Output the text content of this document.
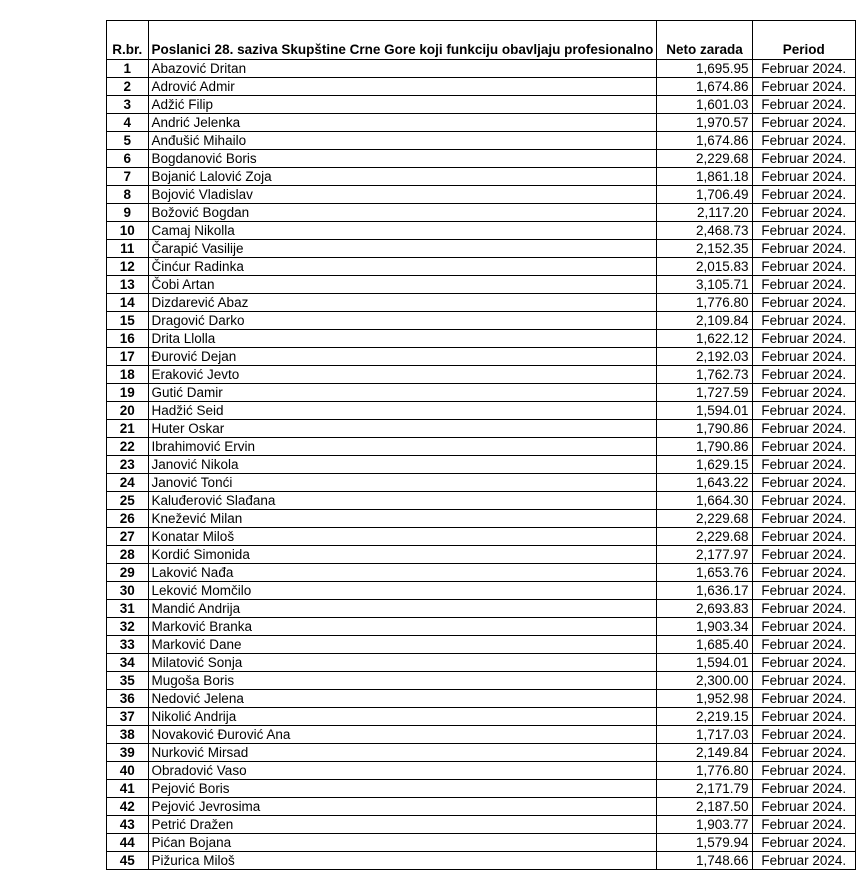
R.br.	Poslanici 28. saziva Skupštine Crne Gore koji funkciju obavljaju profesionalno	Neto zarada	Period
1	Abazović Dritan	1,695.95	Februar 2024.
2	Adrović Admir	1,674.86	Februar 2024.
3	Adžić Filip	1,601.03	Februar 2024.
4	Andrić Jelenka	1,970.57	Februar 2024.
5	Anđušić Mihailo	1,674.86	Februar 2024.
6	Bogdanović Boris	2,229.68	Februar 2024.
7	Bojanić Lalović Zoja	1,861.18	Februar 2024.
8	Bojović Vladislav	1,706.49	Februar 2024.
9	Božović Bogdan	2,117.20	Februar 2024.
10	Camaj Nikolla	2,468.73	Februar 2024.
11	Čarapić Vasilije	2,152.35	Februar 2024.
12	Činćur Radinka	2,015.83	Februar 2024.
13	Čobi Artan	3,105.71	Februar 2024.
14	Dizdarević Abaz	1,776.80	Februar 2024.
15	Dragović Darko	2,109.84	Februar 2024.
16	Drita Llolla	1,622.12	Februar 2024.
17	Đurović Dejan	2,192.03	Februar 2024.
18	Eraković Jevto	1,762.73	Februar 2024.
19	Gutić Damir	1,727.59	Februar 2024.
20	Hadžić Seid	1,594.01	Februar 2024.
21	Huter Oskar	1,790.86	Februar 2024.
22	Ibrahimović Ervin	1,790.86	Februar 2024.
23	Janović Nikola	1,629.15	Februar 2024.
24	Janović Tonći	1,643.22	Februar 2024.
25	Kaluđerović Slađana	1,664.30	Februar 2024.
26	Knežević Milan	2,229.68	Februar 2024.
27	Konatar Miloš	2,229.68	Februar 2024.
28	Kordić Simonida	2,177.97	Februar 2024.
29	Laković Nađa	1,653.76	Februar 2024.
30	Leković Momčilo	1,636.17	Februar 2024.
31	Mandić Andrija	2,693.83	Februar 2024.
32	Marković Branka	1,903.34	Februar 2024.
33	Marković Dane	1,685.40	Februar 2024.
34	Milatović Sonja	1,594.01	Februar 2024.
35	Mugoša Boris	2,300.00	Februar 2024.
36	Nedović Jelena	1,952.98	Februar 2024.
37	Nikolić Andrija	2,219.15	Februar 2024.
38	Novaković Đurović Ana	1,717.03	Februar 2024.
39	Nurković Mirsad	2,149.84	Februar 2024.
40	Obradović Vaso	1,776.80	Februar 2024.
41	Pejović Boris	2,171.79	Februar 2024.
42	Pejović Jevrosima	2,187.50	Februar 2024.
43	Petrić Dražen	1,903.77	Februar 2024.
44	Pićan Bojana	1,579.94	Februar 2024.
45	Pižurica Miloš	1,748.66	Februar 2024.
